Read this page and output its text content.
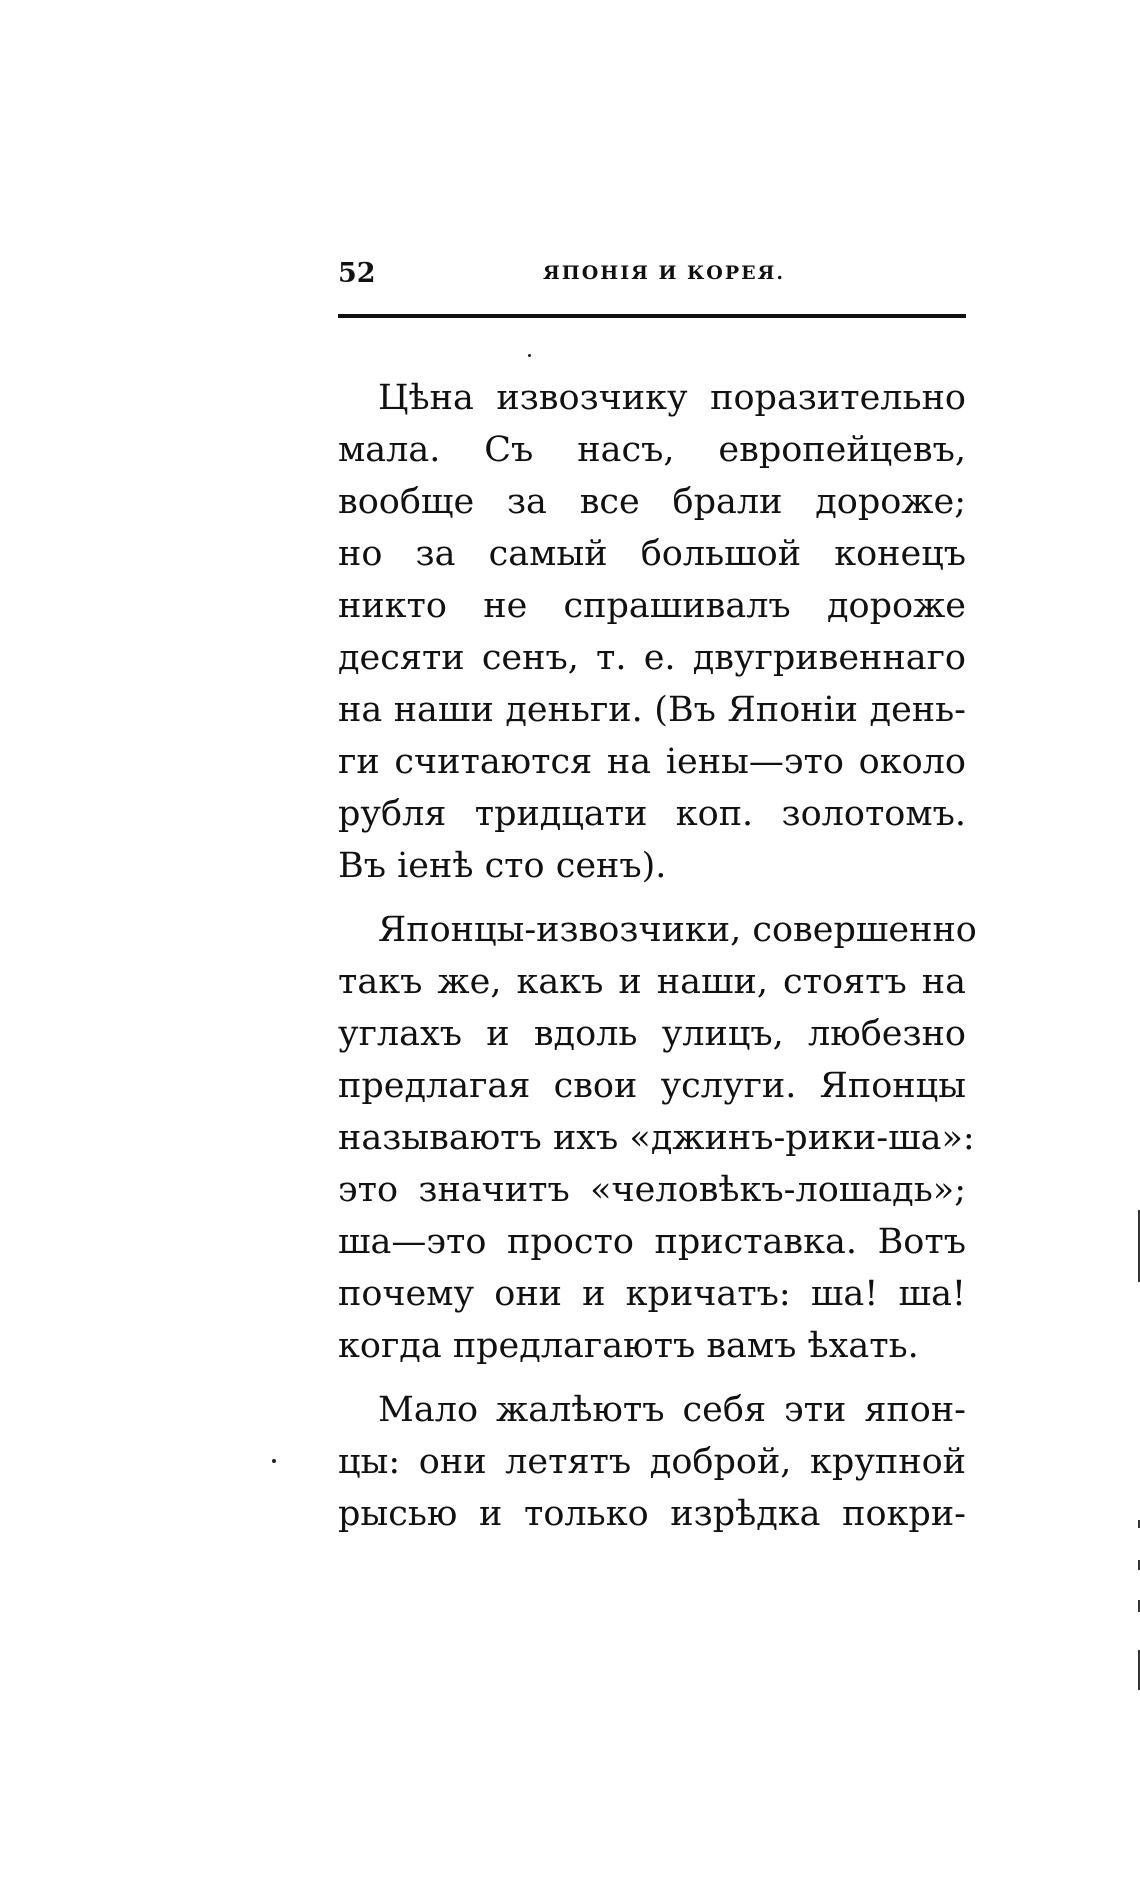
52	ЯПОНІЯ И КОРЕЯ.
Цѣна извозчику поразительно
мала. Съ насъ, европейцевъ,
вообще за все брали дороже;
но за самый большой конецъ
никто не спрашивалъ дороже
десяти сенъ, т. е. двугривеннаго
на наши деньги. (Въ Японіи день-
ги считаются на іены—это около
рубля тридцати коп. золотомъ.
Въ іенѣ сто сенъ).
Японцы-извозчики, совершенно
такъ же, какъ и наши, стоятъ на
углахъ и вдоль улицъ, любезно
предлагая свои услуги. Японцы
называютъ ихъ «джинъ-рики-ша»:
это значитъ «человѣкъ-лошадь»;
ша—это просто приставка. Вотъ
почему они и кричатъ: ша! ша!
когда предлагаютъ вамъ ѣхать.
Мало жалѣютъ себя эти япон-
цы: они летятъ доброй, крупной
рысью и только изрѣдка покри-
